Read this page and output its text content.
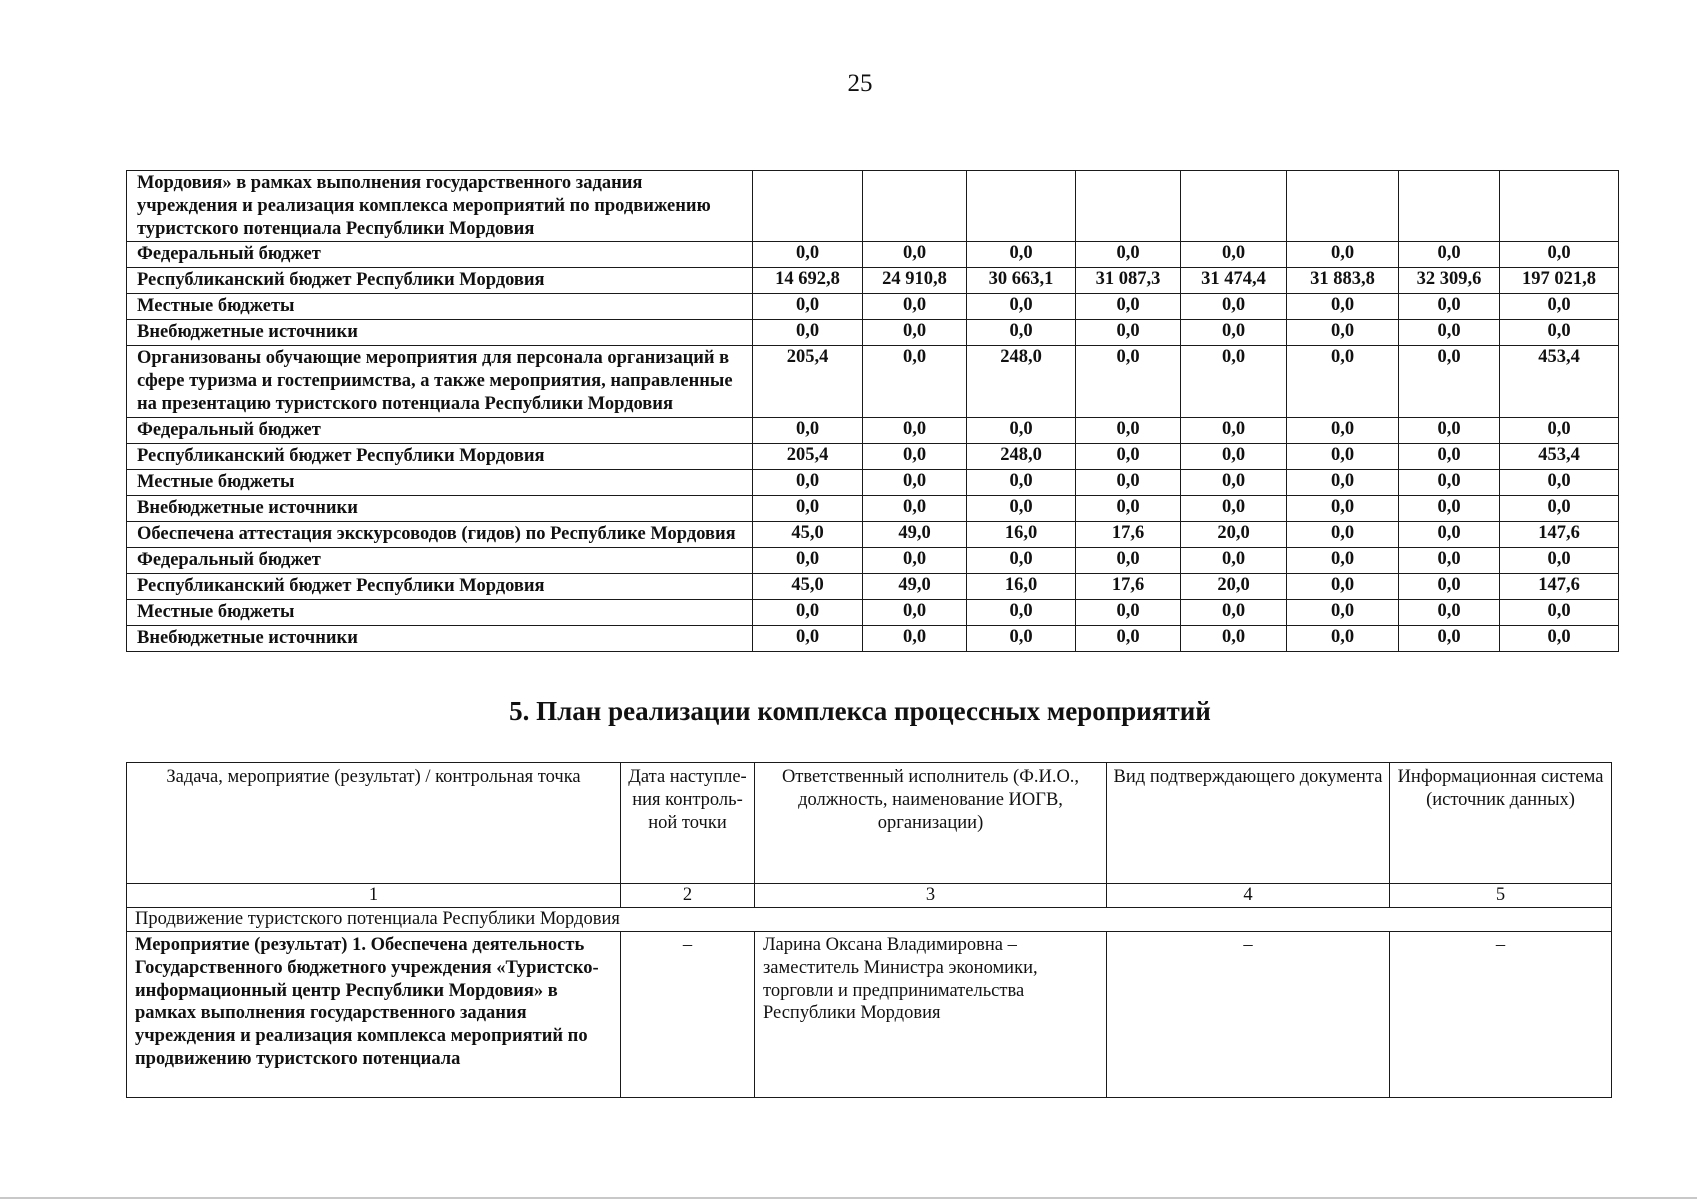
25
Мордовия» в рамках выполнения государственного задания учреждения и реализация комплекса мероприятий по продвижению туристского потенциала Республики Мордовия								
Федеральный бюджет	0,0	0,0	0,0	0,0	0,0	0,0	0,0	0,0
Республиканский бюджет Республики Мордовия	14 692,8	24 910,8	30 663,1	31 087,3	31 474,4	31 883,8	32 309,6	197 021,8
Местные бюджеты	0,0	0,0	0,0	0,0	0,0	0,0	0,0	0,0
Внебюджетные источники	0,0	0,0	0,0	0,0	0,0	0,0	0,0	0,0
Организованы обучающие мероприятия для персонала организаций в сфере туризма и гостеприимства, а также мероприятия, направленные на презентацию туристского потенциала Республики Мордовия	205,4	0,0	248,0	0,0	0,0	0,0	0,0	453,4
Федеральный бюджет	0,0	0,0	0,0	0,0	0,0	0,0	0,0	0,0
Республиканский бюджет Республики Мордовия	205,4	0,0	248,0	0,0	0,0	0,0	0,0	453,4
Местные бюджеты	0,0	0,0	0,0	0,0	0,0	0,0	0,0	0,0
Внебюджетные источники	0,0	0,0	0,0	0,0	0,0	0,0	0,0	0,0
Обеспечена аттестация экскурсоводов (гидов) по Республике Мордовия	45,0	49,0	16,0	17,6	20,0	0,0	0,0	147,6
Федеральный бюджет	0,0	0,0	0,0	0,0	0,0	0,0	0,0	0,0
Республиканский бюджет Республики Мордовия	45,0	49,0	16,0	17,6	20,0	0,0	0,0	147,6
Местные бюджеты	0,0	0,0	0,0	0,0	0,0	0,0	0,0	0,0
Внебюджетные источники	0,0	0,0	0,0	0,0	0,0	0,0	0,0	0,0
5. План реализации комплекса процессных мероприятий
Задача, мероприятие (результат) / контрольная точка	Дата наступле-ния контроль-ной точки	Ответственный исполнитель (Ф.И.О., должность, наименование ИОГВ, организации)	Вид подтверждающего документа	Информационная система (источник данных)
1	2	3	4	5
Продвижение туристского потенциала Республики Мордовия				
Мероприятие (результат) 1. Обеспечена деятельность Государственного бюджетного учреждения «Туристско-информационный центр Республики Мордовия» в рамках выполнения государственного задания учреждения и реализация комплекса мероприятий по продвижению туристского потенциала	–	Ларина Оксана Владимировна – заместитель Министра экономики, торговли и предпринимательства Республики Мордовия	–	–
